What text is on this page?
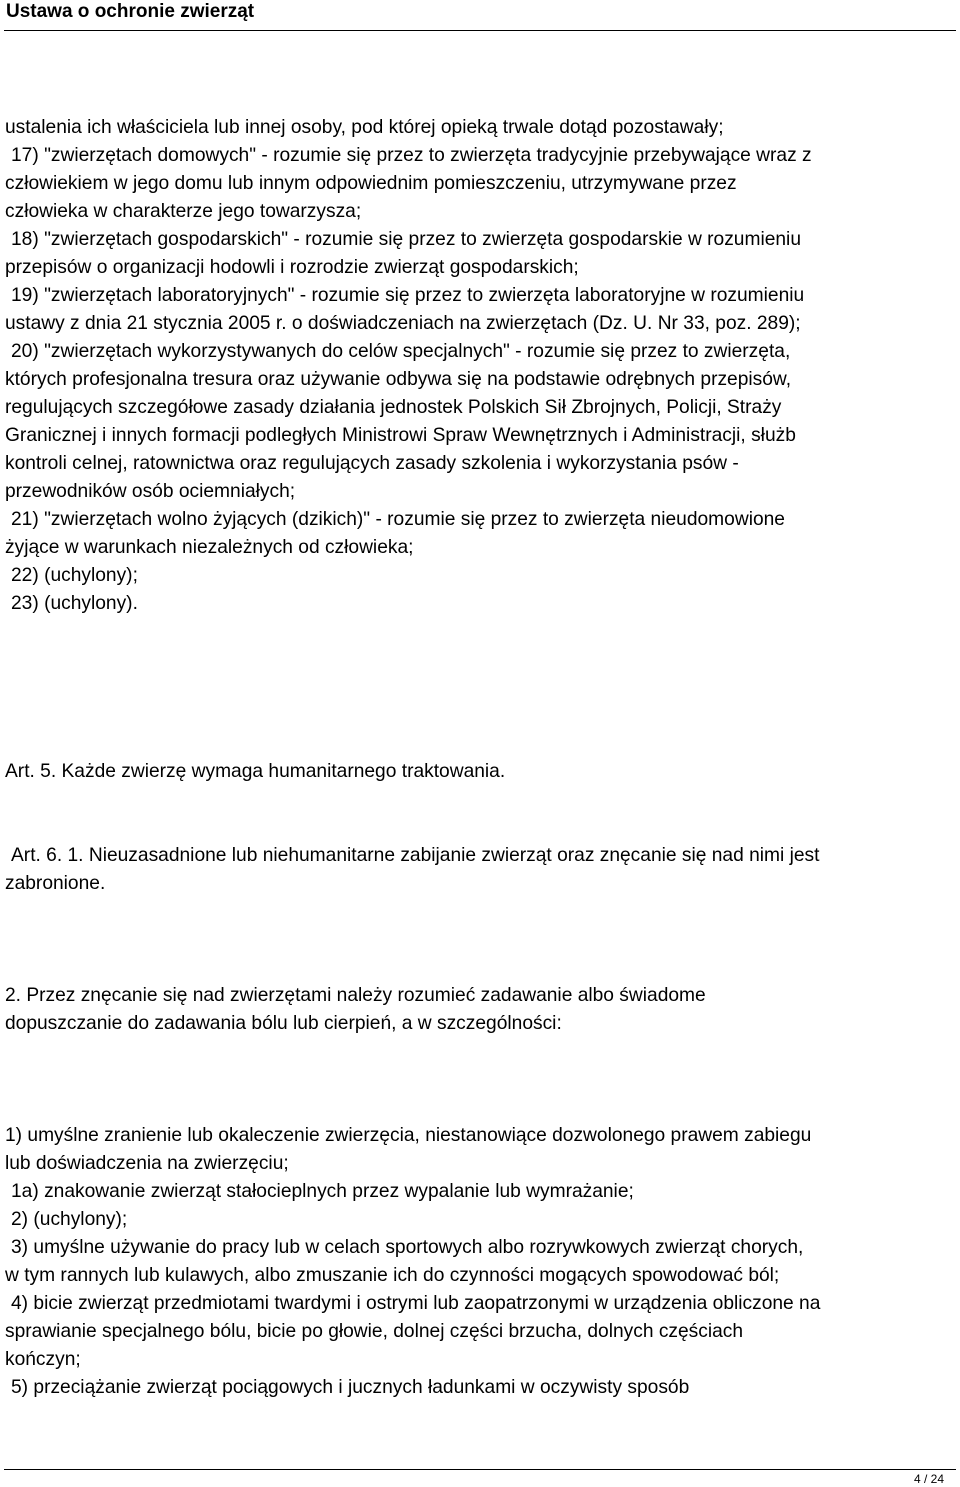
Ustawa o ochronie zwierząt
ustalenia ich właściciela lub innej osoby, pod której opieką trwale dotąd pozostawały;
17) "zwierzętach domowych" - rozumie się przez to zwierzęta tradycyjnie przebywające wraz z
człowiekiem w jego domu lub innym odpowiednim pomieszczeniu, utrzymywane przez
człowieka w charakterze jego towarzysza;
18) "zwierzętach gospodarskich" - rozumie się przez to zwierzęta gospodarskie w rozumieniu
przepisów o organizacji hodowli i rozrodzie zwierząt gospodarskich;
19) "zwierzętach laboratoryjnych" - rozumie się przez to zwierzęta laboratoryjne w rozumieniu
ustawy z dnia 21 stycznia 2005 r. o doświadczeniach na zwierzętach (Dz. U. Nr 33, poz. 289);
20) "zwierzętach wykorzystywanych do celów specjalnych" - rozumie się przez to zwierzęta,
których profesjonalna tresura oraz używanie odbywa się na podstawie odrębnych przepisów,
regulujących szczegółowe zasady działania jednostek Polskich Sił Zbrojnych, Policji, Straży
Granicznej i innych formacji podległych Ministrowi Spraw Wewnętrznych i Administracji, służb
kontroli celnej, ratownictwa oraz regulujących zasady szkolenia i wykorzystania psów -
przewodników osób ociemniałych;
21) "zwierzętach wolno żyjących (dzikich)" - rozumie się przez to zwierzęta nieudomowione
żyjące w warunkach niezależnych od człowieka;
22) (uchylony);
23) (uchylony).
Art. 5. Każde zwierzę wymaga humanitarnego traktowania.
Art. 6. 1. Nieuzasadnione lub niehumanitarne zabijanie zwierząt oraz znęcanie się nad nimi jest
zabronione.
2. Przez znęcanie się nad zwierzętami należy rozumieć zadawanie albo świadome
dopuszczanie do zadawania bólu lub cierpień, a w szczególności:
1) umyślne zranienie lub okaleczenie zwierzęcia, niestanowiące dozwolonego prawem zabiegu
lub doświadczenia na zwierzęciu;
1a) znakowanie zwierząt stałocieplnych przez wypalanie lub wymrażanie;
2) (uchylony);
3) umyślne używanie do pracy lub w celach sportowych albo rozrywkowych zwierząt chorych,
w tym rannych lub kulawych, albo zmuszanie ich do czynności mogących spowodować ból;
4) bicie zwierząt przedmiotami twardymi i ostrymi lub zaopatrzonymi w urządzenia obliczone na
sprawianie specjalnego bólu, bicie po głowie, dolnej części brzucha, dolnych częściach
kończyn;
5) przeciążanie zwierząt pociągowych i jucznych ładunkami w oczywisty sposób
4 / 24
